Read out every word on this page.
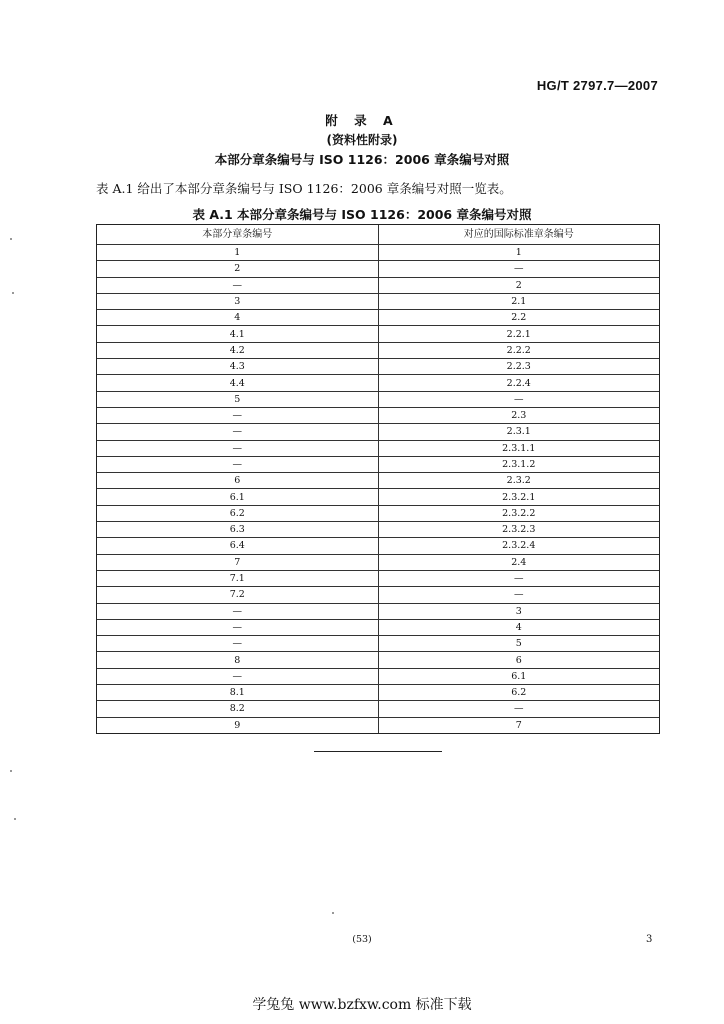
HG/T 2797.7—2007
附 录 A
(资料性附录)
本部分章条编号与 ISO 1126：2006 章条编号对照
表 A.1 给出了本部分章条编号与 ISO 1126：2006 章条编号对照一览表。
表 A.1 本部分章条编号与 ISO 1126：2006 章条编号对照
本部分章条编号	对应的国际标准章条编号
1	1
2	—
—	2
3	2.1
4	2.2
4.1	2.2.1
4.2	2.2.2
4.3	2.2.3
4.4	2.2.4
5	—
—	2.3
—	2.3.1
—	2.3.1.1
—	2.3.1.2
6	2.3.2
6.1	2.3.2.1
6.2	2.3.2.2
6.3	2.3.2.3
6.4	2.3.2.4
7	2.4
7.1	—
7.2	—
—	3
—	4
—	5
8	6
—	6.1
8.1	6.2
8.2	—
9	7
(53)	3
学兔兔 www.bzfxw.com 标准下载
